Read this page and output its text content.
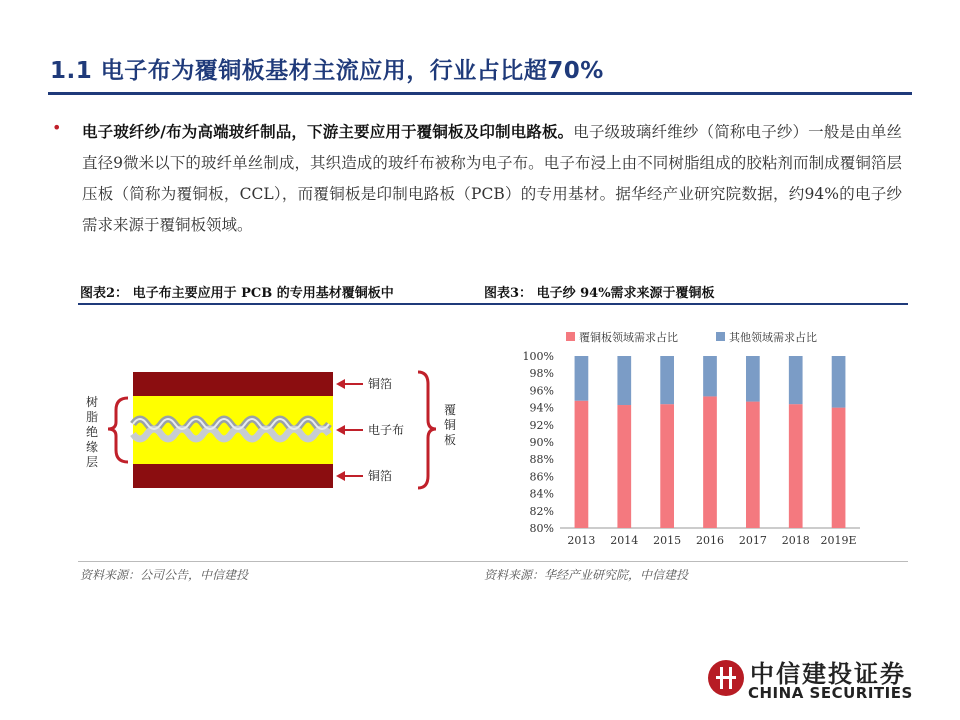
1.1 电子布为覆铜板基材主流应用，行业占比超70%
• 电子玻纤纱/布为高端玻纤制品，下游主要应用于覆铜板及印制电路板。电子级玻璃纤维纱（简称电子纱）一般是由单丝直径9微米以下的玻纤单丝制成，其织造成的玻纤布被称为电子布。电子布浸上由不同树脂组成的胶粘剂而制成覆铜箔层压板（简称为覆铜板，CCL），而覆铜板是印制电路板（PCB）的专用基材。据华经产业研究院数据，约94%的电子纱需求来源于覆铜板领域。
图表2： 电子布主要应用于 PCB 的专用基材覆铜板中	图表3： 电子纱 94%需求来源于覆铜板
树脂绝缘层
铜箔
电子布
铜箔
覆铜板
覆铜板领域需求占比	其他领域需求占比
80%
82%
84%
86%
88%
90%
92%
94%
96%
98%
100%
2013 2014 2015 2016 2017 2018 2019E
资料来源：公司公告，中信建投	资料来源：华经产业研究院，中信建投
中信建投证券
CHINA SECURITIES
